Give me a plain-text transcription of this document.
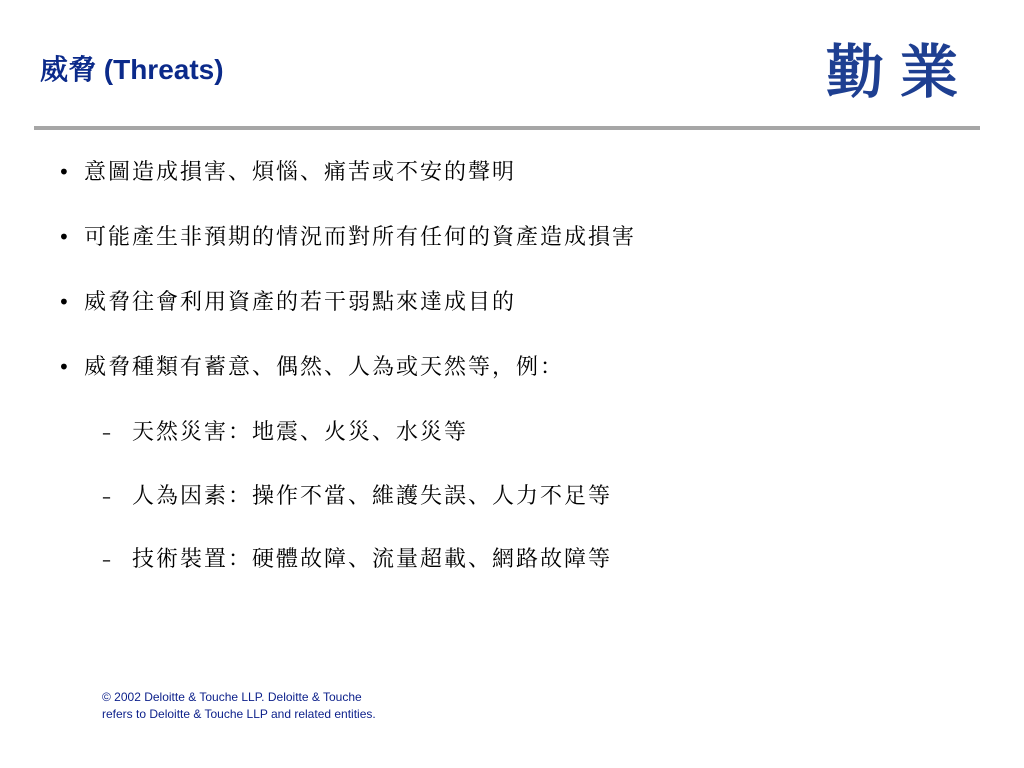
威脅 (Threats)	勤業
• 意圖造成損害、煩惱、痛苦或不安的聲明
• 可能產生非預期的情況而對所有任何的資產造成損害
• 威脅往會利用資產的若干弱點來達成目的
• 威脅種類有蓄意、偶然、人為或天然等，例：
– 天然災害：地震、火災、水災等
– 人為因素：操作不當、維護失誤、人力不足等
– 技術裝置：硬體故障、流量超載、網路故障等
© 2002 Deloitte & Touche LLP. Deloitte & Touche
refers to Deloitte & Touche LLP and related entities.
